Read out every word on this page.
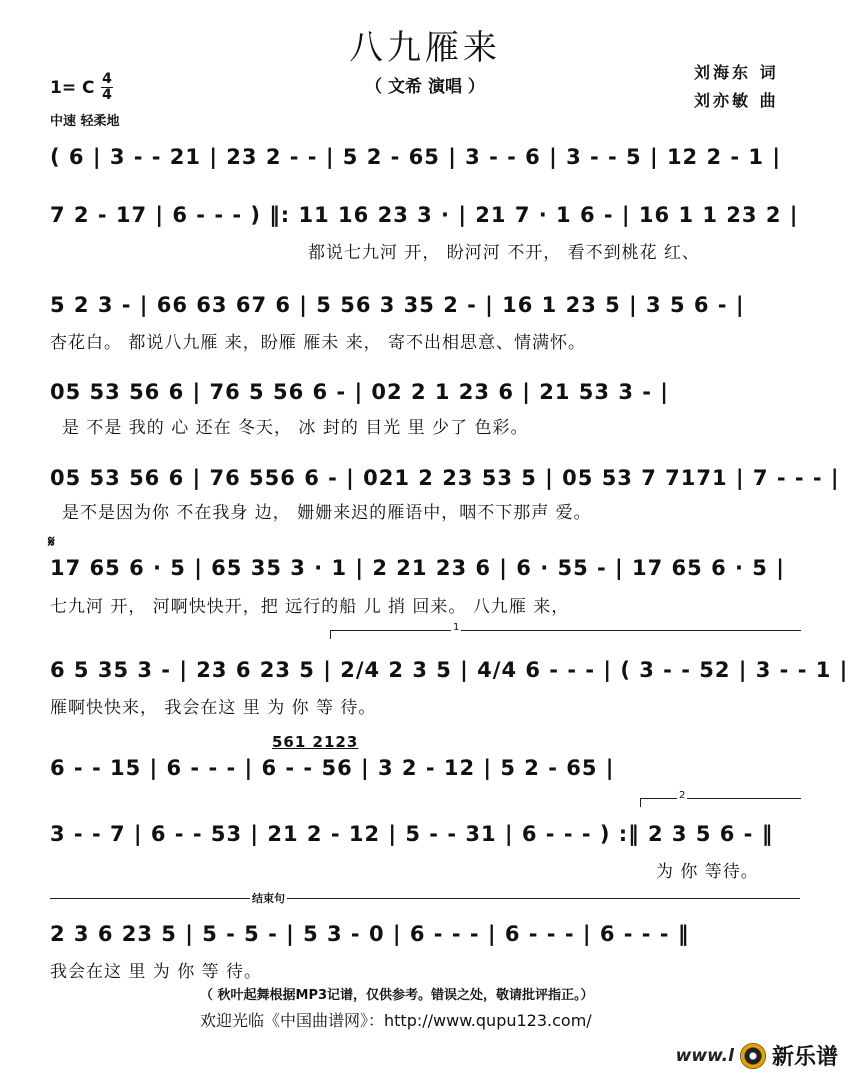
八九雁来
（ 文希 演唱 ）
刘海东 词
刘亦敏 曲
1= C 4
4
中速 轻柔地
( 6 | 3 - - 21 | 23 2 - - | 5 2 - 65 | 3 - - 6 | 3 - - 5 | 12 2 - 1 |
7 2 - 17 | 6 - - - ) ‖: 11 16 23 3 · | 21 7 · 1 6 - | 16 1 1 23 2 |
都说七九河 开， 盼河河 不开， 看不到桃花 红、
5 2 3 - | 66 63 67 6 | 5 56 3 35 2 - | 16 1 23 5 | 3 5 6 - |
杏花白。 都说八九雁 来，盼雁 雁未 来， 寄不出相思意、情满怀。
05 53 56 6 | 76 5 56 6 - | 02 2 1 23 6 | 21 53 3 - |
是 不是 我的 心 还在 冬天， 冰 封的 目光 里 少了 色彩。
05 53 56 6 | 76 556 6 - | 021 2 23 53 5 | 05 53 7 7171 | 7 - - - |
是不是因为你 不在我身 边， 姗姗来迟的雁语中，咽不下那声 爱。
𝄋
17 65 6 · 5 | 65 35 3 · 1 | 2 21 23 6 | 6 · 55 - | 17 65 6 · 5 |
七九河 开， 河啊快快开，把 远行的船 儿 捎 回来。 八九雁 来，
1
6 5 35 3 - | 23 6 23 5 | 2/4 2 3 5 | 4/4 6 - - - | ( 3 - - 52 | 3 - - 1 |
雁啊快快来， 我会在这 里 为 你 等 待。
561 2123
6 - - 15 | 6 - - - | 6 - - 56 | 3 2 - 12 | 5 2 - 65 |
2
3 - - 7 | 6 - - 53 | 21 2 - 12 | 5 - - 31 | 6 - - - ) :‖ 2 3 5 6 - ‖
为 你 等待。
结束句
2 3 6 23 5 | 5 - 5 - | 5 3 - 0 | 6 - - - | 6 - - - | 6 - - - ‖
我会在这 里 为 你 等 待。
（ 秋叶起舞根据MP3记谱，仅供参考。错误之处，敬请批评指正。）
欢迎光临《中国曲谱网》：http://www.qupu123.com/
www.l 新乐谱
